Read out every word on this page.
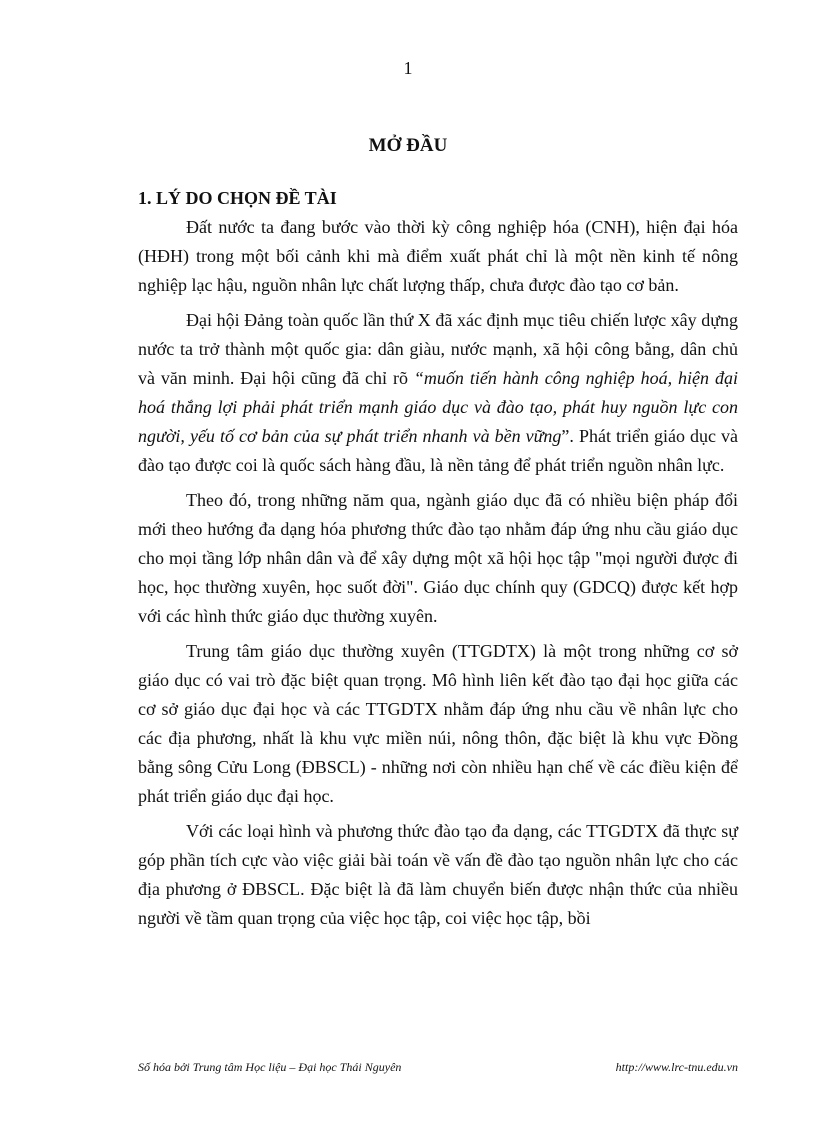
1
MỞ ĐẦU

1. LÝ DO CHỌN ĐỀ TÀI

Đất nước ta đang bước vào thời kỳ công nghiệp hóa (CNH), hiện đại hóa (HĐH) trong một bối cảnh khi mà điểm xuất phát chỉ là một nền kinh tế nông nghiệp lạc hậu, nguồn nhân lực chất lượng thấp, chưa được đào tạo cơ bản.

Đại hội Đảng toàn quốc lần thứ X đã xác định mục tiêu chiến lược xây dựng nước ta trở thành một quốc gia: dân giàu, nước mạnh, xã hội công bằng, dân chủ và văn minh. Đại hội cũng đã chỉ rõ “muốn tiến hành công nghiệp hoá, hiện đại hoá thắng lợi phải phát triển mạnh giáo dục và đào tạo, phát huy nguồn lực con người, yếu tố cơ bản của sự phát triển nhanh và bền vững”. Phát triển giáo dục và đào tạo được coi là quốc sách hàng đầu, là nền tảng để phát triển nguồn nhân lực.

Theo đó, trong những năm qua, ngành giáo dục đã có nhiều biện pháp đổi mới theo hướng đa dạng hóa phương thức đào tạo nhằm đáp ứng nhu cầu giáo dục cho mọi tầng lớp nhân dân và để xây dựng một xã hội học tập "mọi người được đi học, học thường xuyên, học suốt đời". Giáo dục chính quy (GDCQ) được kết hợp với các hình thức giáo dục thường xuyên.

Trung tâm giáo dục thường xuyên (TTGDTX) là một trong những cơ sở giáo dục có vai trò đặc biệt quan trọng. Mô hình liên kết đào tạo đại học giữa các cơ sở giáo dục đại học và các TTGDTX nhằm đáp ứng nhu cầu về nhân lực cho các địa phương, nhất là khu vực miền núi, nông thôn, đặc biệt là khu vực Đồng bằng sông Cửu Long (ĐBSCL) - những nơi còn nhiều hạn chế về các điều kiện để phát triển giáo dục đại học.

Với các loại hình và phương thức đào tạo đa dạng, các TTGDTX đã thực sự góp phần tích cực vào việc giải bài toán về vấn đề đào tạo nguồn nhân lực cho các địa phương ở ĐBSCL. Đặc biệt là đã làm chuyển biến được nhận thức của nhiều người về tầm quan trọng của việc học tập, coi việc học tập, bồi

Số hóa bởi Trung tâm Học liệu – Đại học Thái Nguyên	http://www.lrc-tnu.edu.vn
